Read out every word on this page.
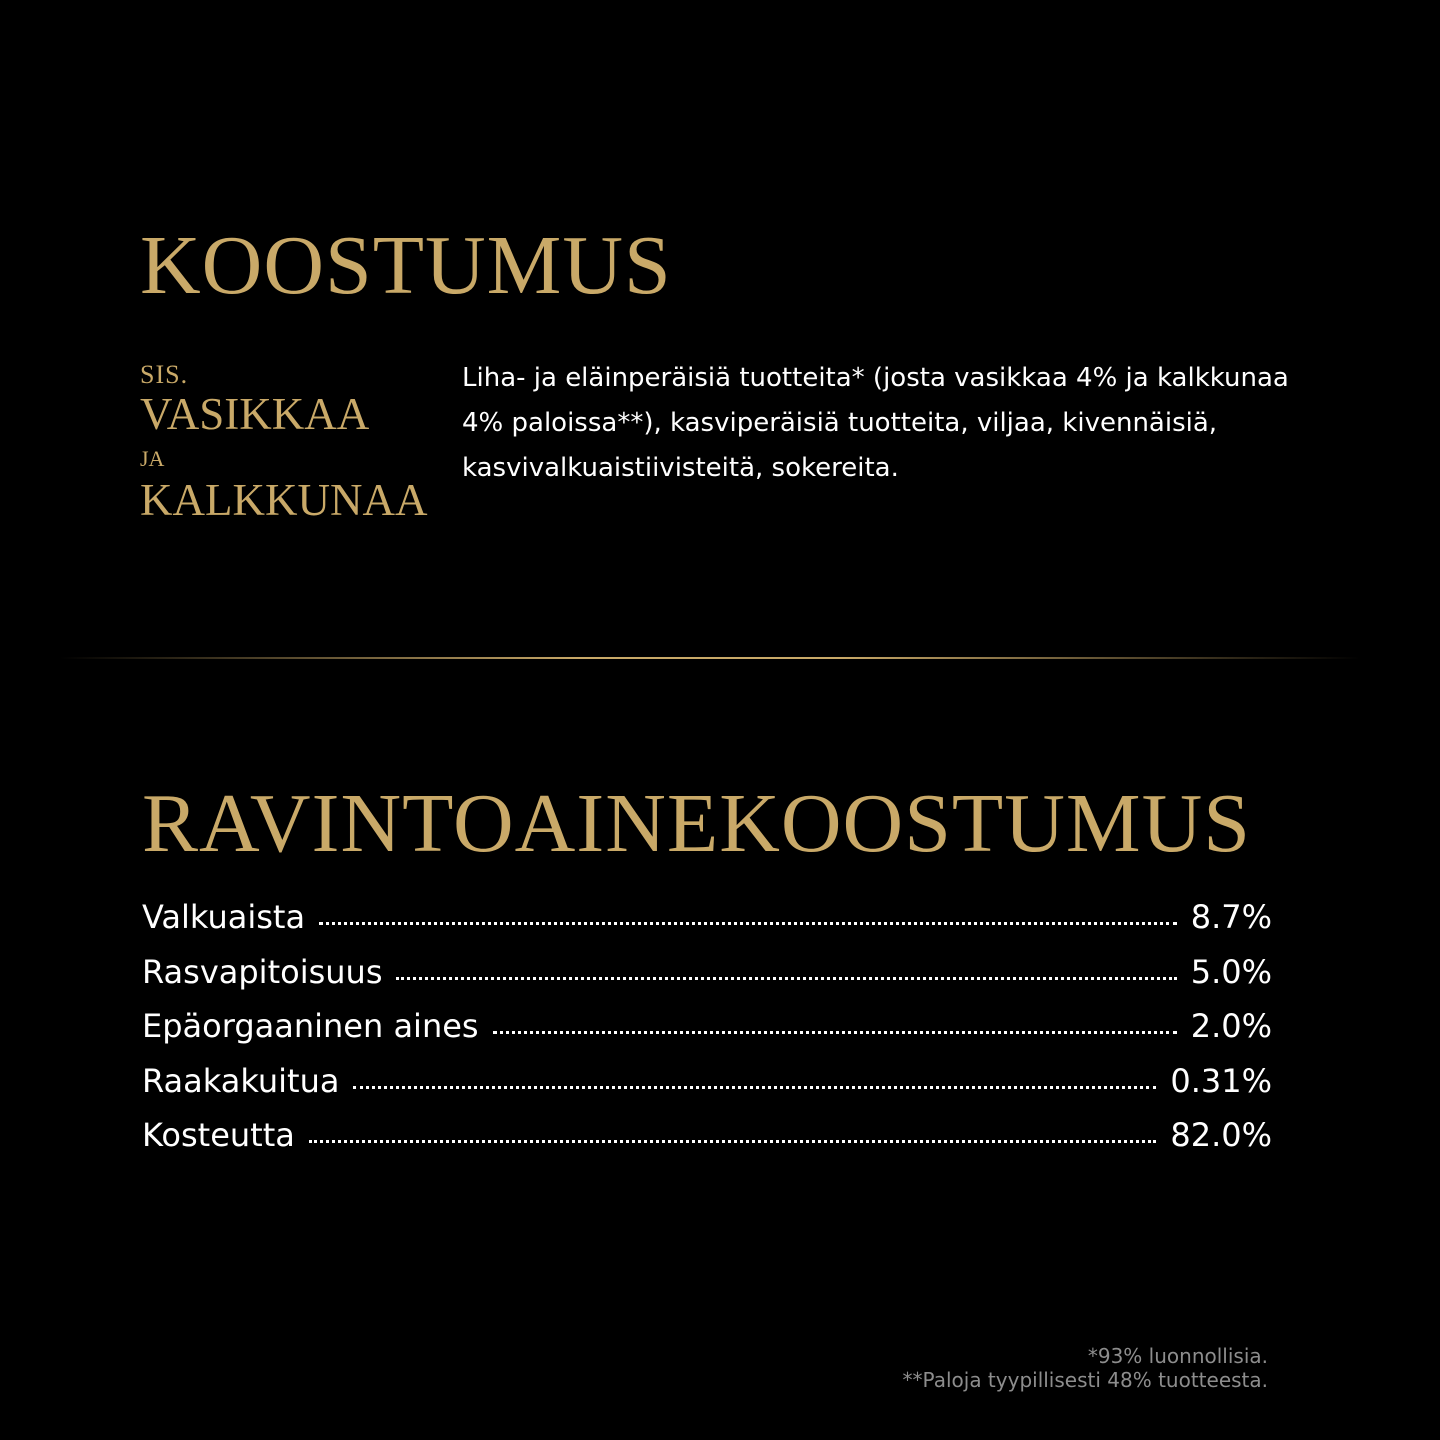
KOOSTUMUS
SIS.
VASIKKAA
JA
KALKKUNAA

Liha- ja eläinperäisiä tuotteita* (josta vasikkaa 4% ja kalkkunaa 4% paloissa**), kasviperäisiä tuotteita, viljaa, kivennäisiä, kasvivalkuaistiivisteitä, sokereita.

RAVINTOAINEKOOSTUMUS
Valkuaista	8.7%
Rasvapitoisuus	5.0%
Epäorgaaninen aines	2.0%
Raakakuitua	0.31%
Kosteutta	82.0%
*93% luonnollisia.
**Paloja tyypillisesti 48% tuotteesta.
